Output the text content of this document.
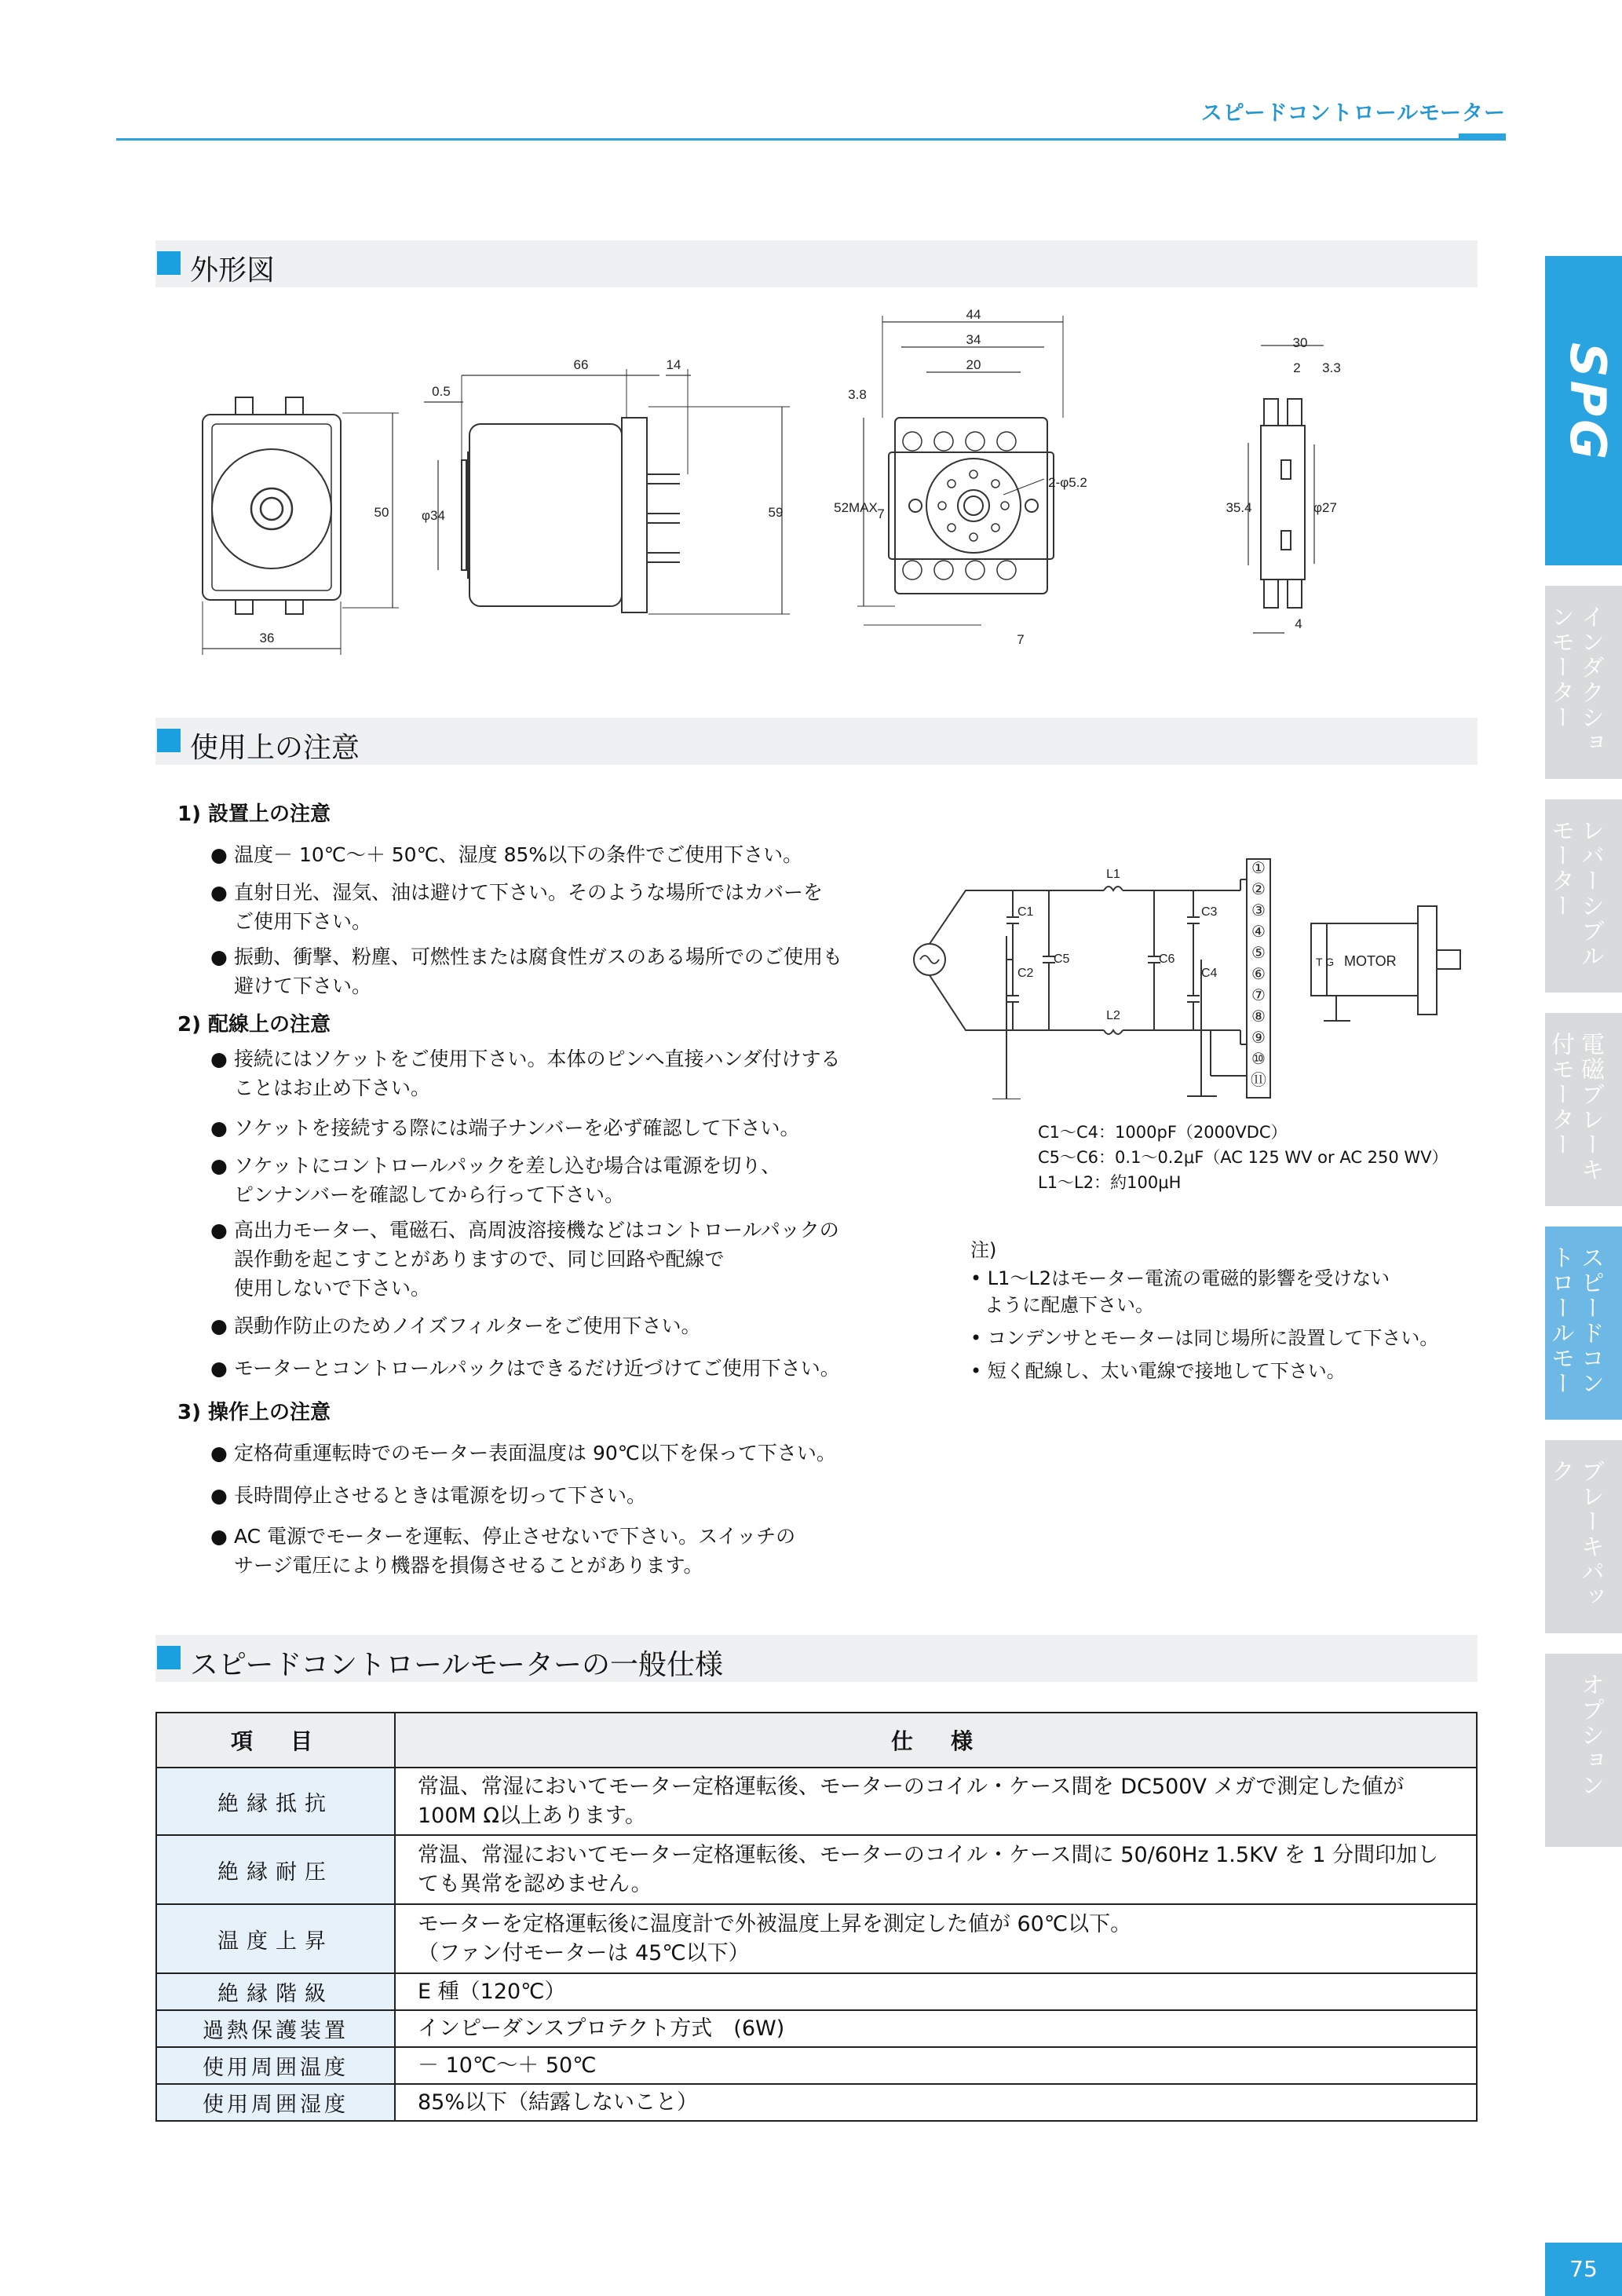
スピードコントロールモーター
SPG
インダクションモーター
レバーシブルモーター
電磁ブレーキ付モーター
スピードコントロールモーター
ブレーキパック
オプション
外形図
36
50
66	14
0.5
φ34	59
44
34
20
3.8
52MAX 7
7
2-φ5.2
30
2 3.3
35.4	φ27
4
使用上の注意
1) 設置上の注意
● 温度－ 10℃～＋ 50℃、湿度 85%以下の条件でご使用下さい。
● 直射日光、湿気、油は避けて下さい。そのような場所ではカバーを
ご使用下さい。
● 振動、衝撃、粉塵、可燃性または腐食性ガスのある場所でのご使用も
避けて下さい。
2) 配線上の注意
● 接続にはソケットをご使用下さい。本体のピンへ直接ハンダ付けする
ことはお止め下さい。
● ソケットを接続する際には端子ナンバーを必ず確認して下さい。
● ソケットにコントロールパックを差し込む場合は電源を切り、
ピンナンバーを確認してから行って下さい。
● 高出力モーター、電磁石、高周波溶接機などはコントロールパックの
誤作動を起こすことがありますので、同じ回路や配線で
使用しないで下さい。
● 誤動作防止のためノイズフィルターをご使用下さい。
● モーターとコントロールパックはできるだけ近づけてご使用下さい。
3) 操作上の注意
● 定格荷重運転時でのモーター表面温度は 90℃以下を保って下さい。
● 長時間停止させるときは電源を切って下さい。
● AC 電源でモーターを運転、停止させないで下さい。スイッチの
サージ電圧により機器を損傷させることがあります。
L1
L2
C1
C2
C3
C4
C5	C6	T G MOTOR
①
②
③
④
⑤
⑥
⑦
⑧
⑨
⑩
⑪
C1～C4：1000pF（2000VDC）
C5～C6：0.1～0.2μF（AC 125 WV or AC 250 WV）
L1～L2：約100μH
注)
• L1～L2はモーター電流の電磁的影響を受けない
ように配慮下さい。
• コンデンサとモーターは同じ場所に設置して下さい。
• 短く配線し、太い電線で接地して下さい。
スピードコントロールモーターの一般仕様
項　目	仕　様
絶縁抵抗	常温、常湿においてモーター定格運転後、モーターのコイル・ケース間を DC500V メガで測定した値が
100M Ω以上あります。

絶縁耐圧	常温、常湿においてモーター定格運転後、モーターのコイル・ケース間に 50/60Hz 1.5KV を 1 分間印加し
ても異常を認めません。

温度上昇	モーターを定格運転後に温度計で外被温度上昇を測定した値が 60℃以下。
（ファン付モーターは 45℃以下）

絶縁階級	E 種（120℃）
過熱保護装置	インピーダンスプロテクト方式　(6W)
使用周囲温度	－ 10℃～＋ 50℃
使用周囲湿度	85%以下（結露しないこと）
75
